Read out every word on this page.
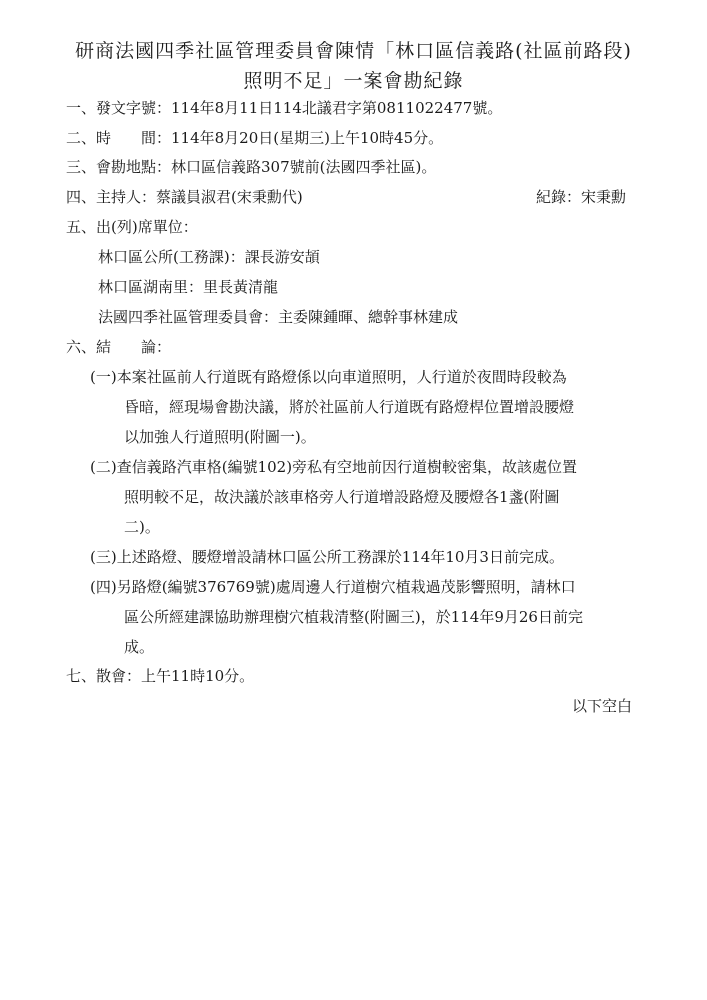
研商法國四季社區管理委員會陳情「林口區信義路(社區前路段)
照明不足」一案會勘紀錄
一、發文字號：114年8月11日114北議君字第0811022477號。
二、時　　間：114年8月20日(星期三)上午10時45分。
三、會勘地點：林口區信義路307號前(法國四季社區)。
四、主持人：蔡議員淑君(宋秉勳代)	紀錄：宋秉勳
五、出(列)席單位：
林口區公所(工務課)：課長游安頡
林口區湖南里：里長黃清龍
法國四季社區管理委員會：主委陳鍾暉、總幹事林建成
六、結　　論：
(一)本案社區前人行道既有路燈係以向車道照明，人行道於夜間時段較為
昏暗，經現場會勘決議，將於社區前人行道既有路燈桿位置增設腰燈
以加強人行道照明(附圖一)。
(二)查信義路汽車格(編號102)旁私有空地前因行道樹較密集，故該處位置
照明較不足，故決議於該車格旁人行道增設路燈及腰燈各1盞(附圖
二)。
(三)上述路燈、腰燈增設請林口區公所工務課於114年10月3日前完成。
(四)另路燈(編號376769號)處周邊人行道樹穴植栽過茂影響照明，請林口
區公所經建課協助辦理樹穴植栽清整(附圖三)，於114年9月26日前完
成。
七、散會：上午11時10分。
以下空白
